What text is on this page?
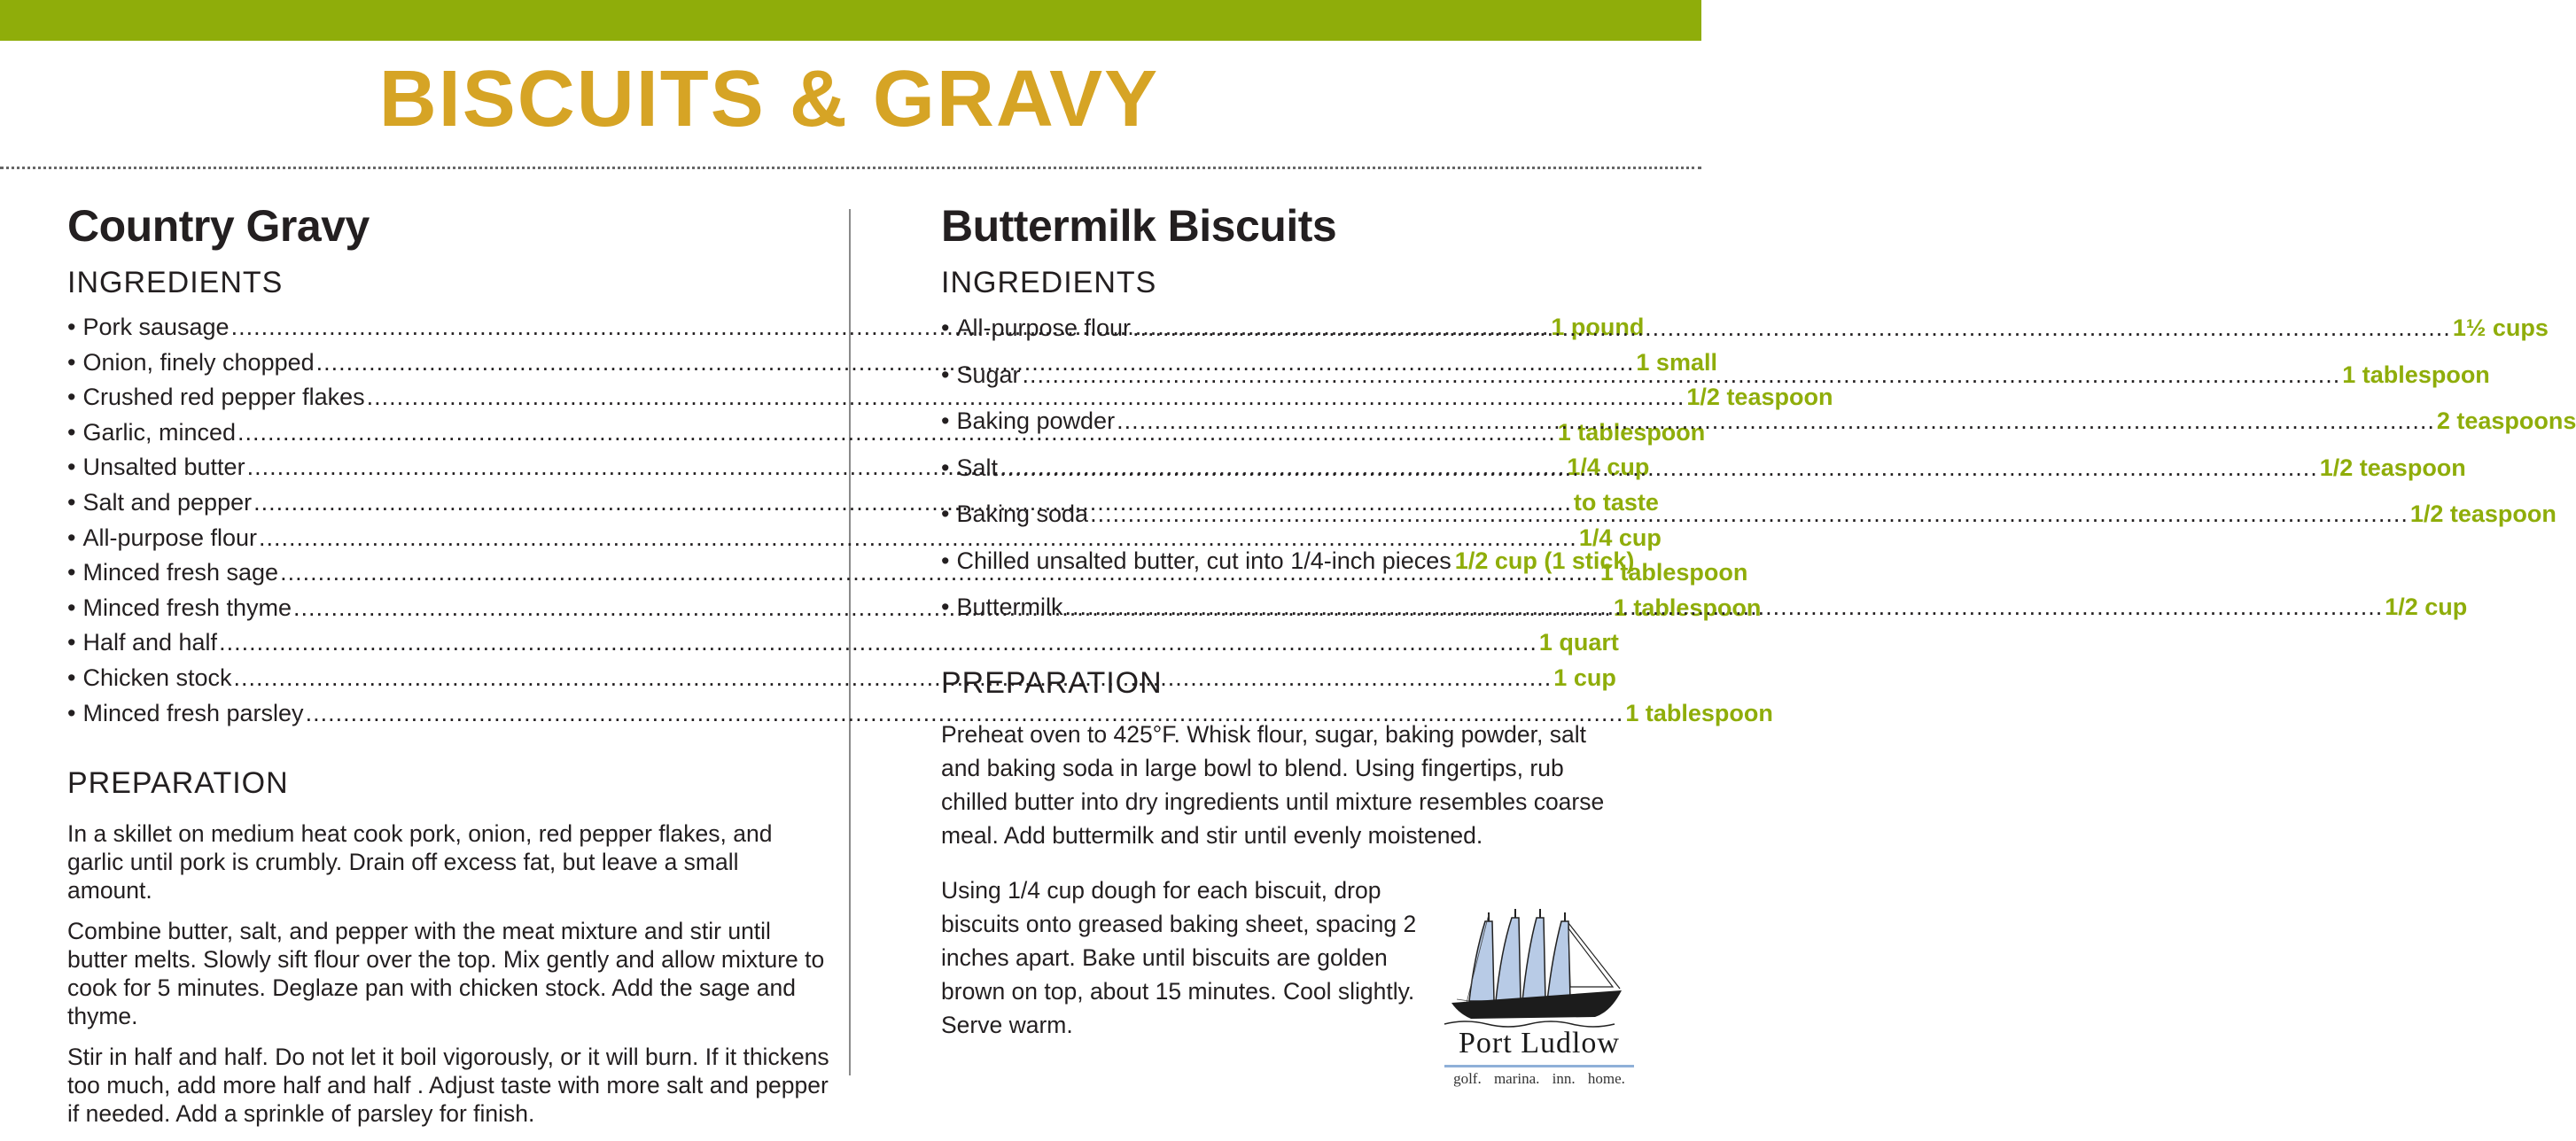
BISCUITS & GRAVY
Country Gravy
INGREDIENTS
• Pork sausage .....	1 pound
• Onion, finely chopped .....	1 small
• Crushed red pepper flakes .....	1/2 teaspoon
• Garlic, minced .....	1 tablespoon
• Unsalted butter .....	1/4 cup
• Salt and pepper .....	to taste
• All-purpose flour .....	1/4 cup
• Minced fresh sage .....	1 tablespoon
• Minced fresh thyme .....	1 tablespoon
• Half and half .....	1 quart
• Chicken stock .....	1 cup
• Minced fresh parsley .....	1 tablespoon
PREPARATION

In a skillet on medium heat cook pork, onion, red pepper flakes, and garlic until pork is crumbly. Drain off excess fat, but leave a small amount.

Combine butter, salt, and pepper with the meat mixture and stir until butter melts. Slowly sift flour over the top. Mix gently and allow mixture to cook for 5 minutes. Deglaze pan with chicken stock. Add the sage and thyme.

Stir in half and half. Do not let it boil vigorously, or it will burn. If it thickens too much, add more half and half . Adjust taste with more salt and pepper if needed. Add a sprinkle of parsley for finish.

Buttermilk Biscuits
INGREDIENTS
• All-purpose flour .....	1½ cups
• Sugar .....	1 tablespoon
• Baking powder .....	2 teaspoons
• Salt .....	1/2 teaspoon
• Baking soda .....	1/2 teaspoon
• Chilled unsalted butter, cut into 1/4-inch pieces 1/2 cup (1 stick)
• Buttermilk .....	1/2 cup
PREPARATION

Preheat oven to 425°F. Whisk flour, sugar, baking powder, salt and baking soda in large bowl to blend. Using fingertips, rub chilled butter into dry ingredients until mixture resembles coarse meal. Add buttermilk and stir until evenly moistened.

Using 1/4 cup dough for each biscuit, drop biscuits onto greased baking sheet, spacing 2 inches apart. Bake until biscuits are golden brown on top, about 15 minutes. Cool slightly. Serve warm.

Port Ludlow
golf. marina. inn. home.
